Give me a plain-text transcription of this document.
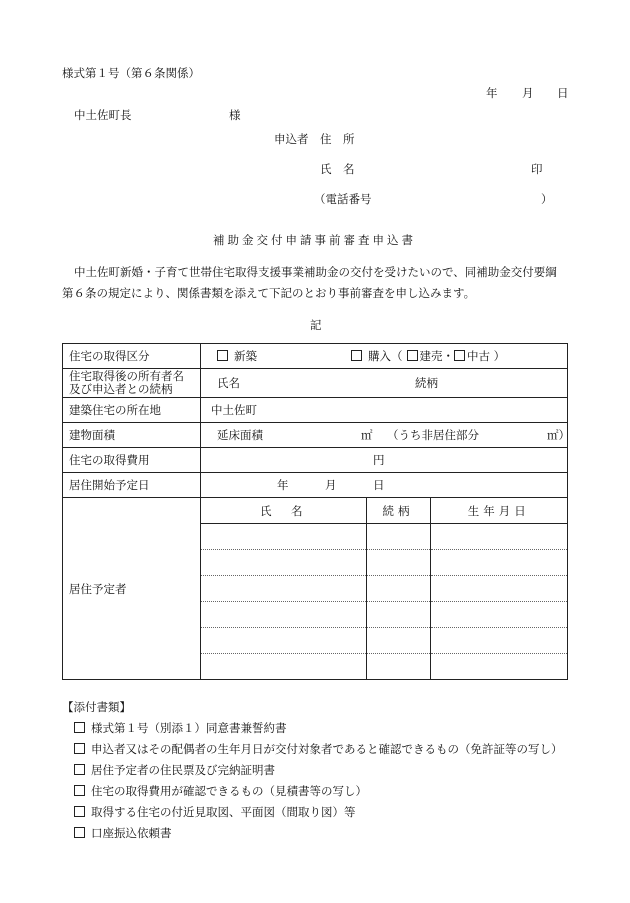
様式第１号（第６条関係）
年 月 日
中土佐町長	様
申込者 住　所
氏　名	印
（電話番号	）
補助金交付申請事前審査申込書

中土佐町新婚・子育て世帯住宅取得支援事業補助金の交付を受けたいので、同補助金交付要綱

第６条の規定により、関係書類を添えて下記のとおり事前審査を申し込みます。

記
住宅の取得区分	新築	購入（ 建売・ 中古 ）

住宅取得後の所有者名
及び申込者との続柄	氏名	続柄

建築住宅の所在地	中土佐町

建物面積	延床面積	㎡ （うち非居住部分	㎡）

住宅の取得費用	円

居住開始予定日	年	月	日

居住予定者

氏　名	続柄	生年月日

【添付書類】
様式第１号（別添１）同意書兼誓約書
申込者又はその配偶者の生年月日が交付対象者であると確認できるもの（免許証等の写し）
居住予定者の住民票及び完納証明書
住宅の取得費用が確認できるもの（見積書等の写し）
取得する住宅の付近見取図、平面図（間取り図）等
口座振込依頼書
